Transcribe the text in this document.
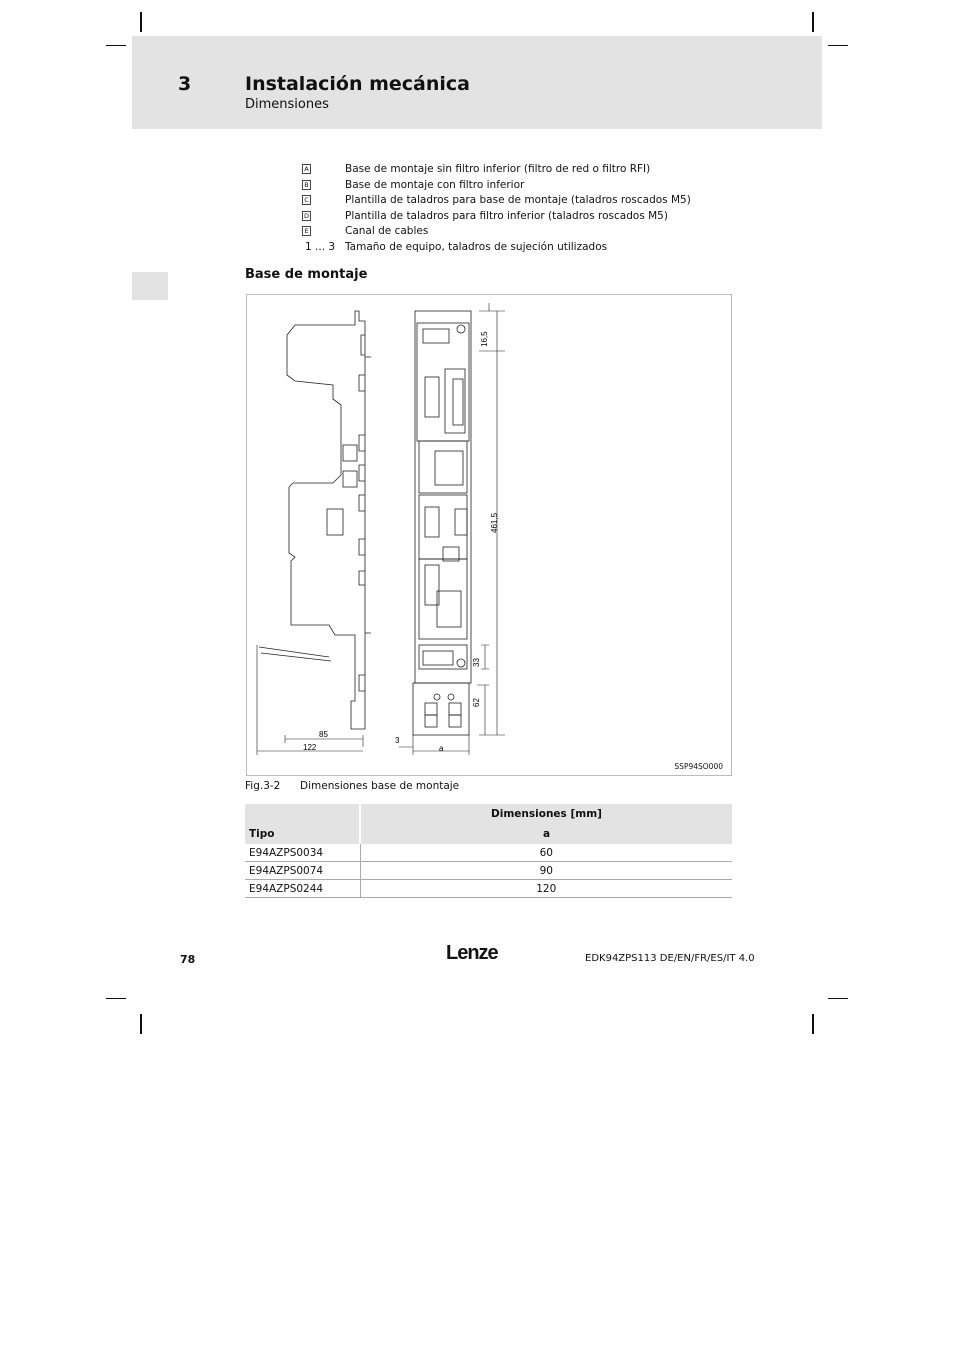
3	Instalación mecánica
Dimensiones
A	Base de montaje sin filtro inferior (filtro de red o filtro RFI)
B	Base de montaje con filtro inferior
C	Plantilla de taladros para base de montaje (taladros roscados M5)
D	Plantilla de taladros para filtro inferior (taladros roscados M5)
E	Canal de cables
1 ... 3 Tamaño de equipo, taladros de sujeción utilizados
Base de montaje
85
122
3
a
16,5
461,5
33
62
SSP94SO000
Fig.3-2 Dimensiones base de montaje
	Dimensiones [mm]
Tipo	a
E94AZPS0034	60
E94AZPS0074	90
E94AZPS0244	120
78	Lenze	EDK94ZPS113 DE/EN/FR/ES/IT 4.0
